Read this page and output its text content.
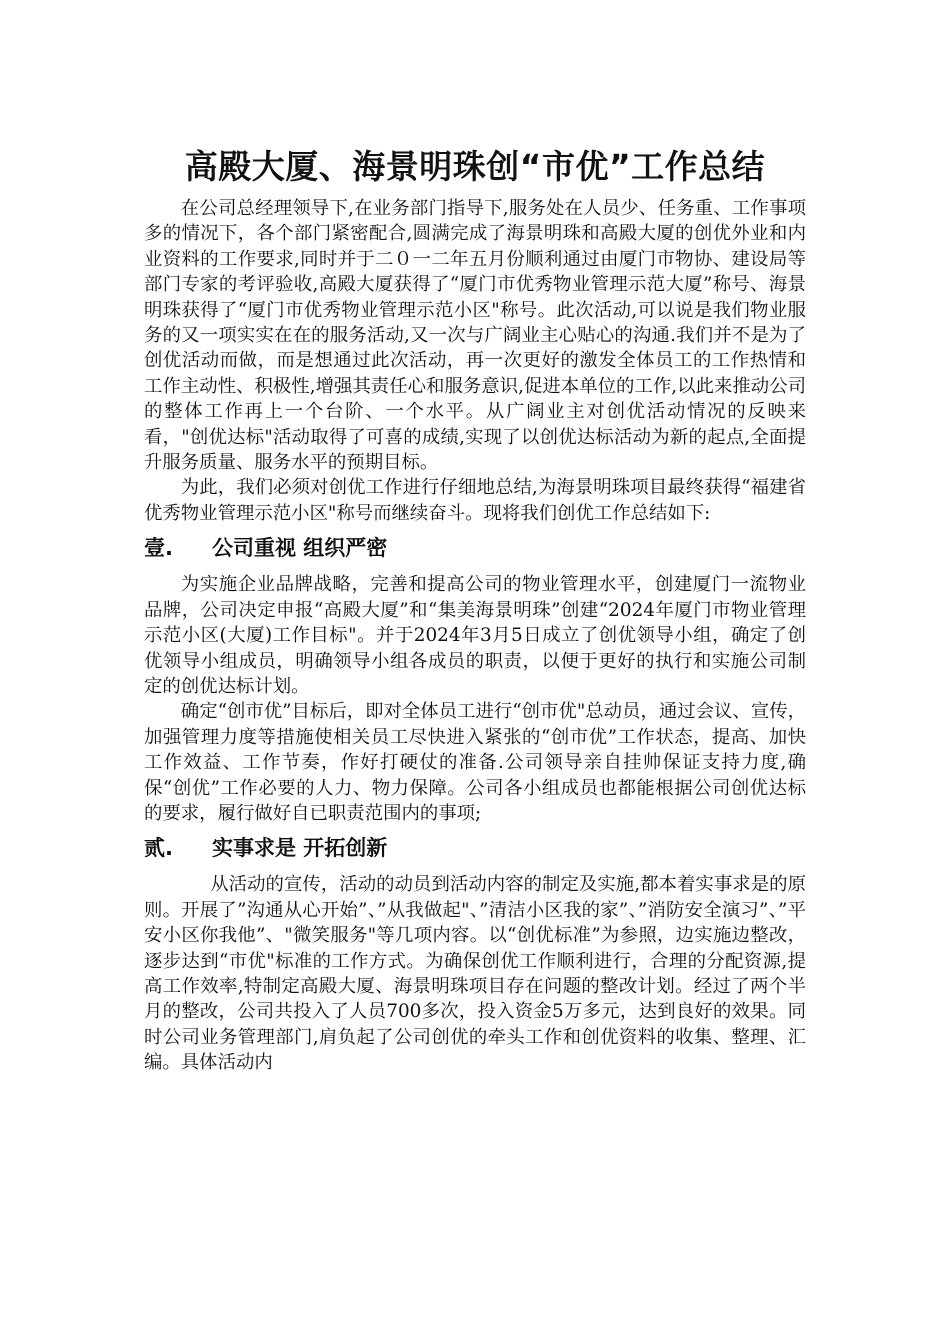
高殿大厦、海景明珠创“市优”工作总结

在公司总经理领导下,在业务部门指导下,服务处在人员少、任务重、工作事项多的情况下，各个部门紧密配合,圆满完成了海景明珠和高殿大厦的创优外业和内业资料的工作要求,同时并于二０一二年五月份顺利通过由厦门市物协、建设局等部门专家的考评验收,高殿大厦获得了“厦门市优秀物业管理示范大厦”称号、海景明珠获得了“厦门市优秀物业管理示范小区"称号。此次活动,可以说是我们物业服务的又一项实实在在的服务活动,又一次与广阔业主心贴心的沟通.我们并不是为了创优活动而做，而是想通过此次活动，再一次更好的激发全体员工的工作热情和工作主动性、积极性,增强其责任心和服务意识,促进本单位的工作,以此来推动公司的整体工作再上一个台阶、一个水平。从广阔业主对创优活动情况的反映来看，"创优达标"活动取得了可喜的成绩,实现了以创优达标活动为新的起点,全面提升服务质量、服务水平的预期目标。

为此，我们必须对创优工作进行仔细地总结,为海景明珠项目最终获得“福建省优秀物业管理示范小区"称号而继续奋斗。现将我们创优工作总结如下:

壹.	公司重视 组织严密

为实施企业品牌战略，完善和提高公司的物业管理水平，创建厦门一流物业品牌，公司决定申报“高殿大厦”和“集美海景明珠”创建“2024年厦门市物业管理示范小区(大厦)工作目标"。并于2024年3月5日成立了创优领导小组，确定了创优领导小组成员，明确领导小组各成员的职责，以便于更好的执行和实施公司制定的创优达标计划。

确定“创市优”目标后，即对全体员工进行“创市优"总动员，通过会议、宣传，加强管理力度等措施使相关员工尽快进入紧张的“创市优”工作状态，提高、加快工作效益、工作节奏，作好打硬仗的准备.公司领导亲自挂帅保证支持力度,确保“创优”工作必要的人力、物力保障。公司各小组成员也都能根据公司创优达标的要求，履行做好自已职责范围内的事项;

贰.	实事求是 开拓创新

从活动的宣传，活动的动员到活动内容的制定及实施,都本着实事求是的原则。开展了”沟通从心开始”、”从我做起"、”清洁小区我的家”、”消防安全演习”、”平安小区你我他”、"微笑服务"等几项内容。以“创优标准”为参照，边实施边整改，逐步达到“市优"标准的工作方式。为确保创优工作顺利进行，合理的分配资源,提高工作效率,特制定高殿大厦、海景明珠项目存在问题的整改计划。经过了两个半月的整改，公司共投入了人员700多次，投入资金5万多元，达到良好的效果。同时公司业务管理部门,肩负起了公司创优的牵头工作和创优资料的收集、整理、汇编。具体活动内
